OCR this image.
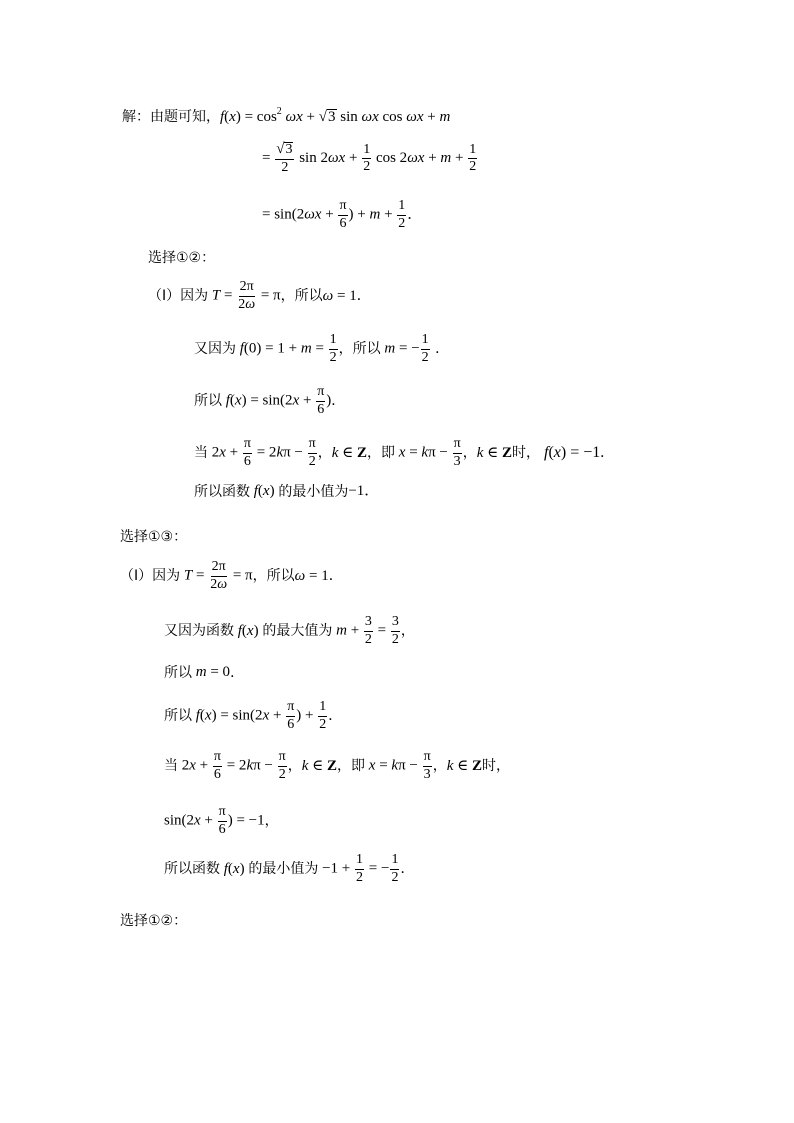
解：由题可知， $f(x) = \cos^2 \omega x$ + √ 3 sin ωx cos ωx + m
= $\frac{√ 3}{2}$ $\sin 2\omega x + \frac{1}{2}$ $\cos 2\omega x + m + \frac{1}{2}$
= $\sin(2\omega x + \frac{\pi}{6}$ ) + $m + \frac{1}{2}$ ．
选择①②：
（Ⅰ） 因为 $T = \frac{2\pi}{2\omega} = \pi$ ， 所以 ω = 1 ．
又因为 $f(0) = 1 + m = \frac{1}{2}$ ， 所以 m = − $\frac{1}{2}$ ．
所以 $f(x) = \sin(2x + \frac{\pi}{6}$ ) ．
当 $2x + \frac{\pi}{6} = 2k\pi - \frac{\pi}{2}$ ， k ∈ Z ， 即 $x = k\pi - \frac{\pi}{3}$ ， k ∈ Z 时， f(x) = −1.
所以函数 f(x) 的最小值为 −1．
选择①③：
（Ⅰ） 因为 $T = \frac{2\pi}{2\omega} = \pi$ ， 所以 ω = 1 ．
又因为函数 f(x) 的最大值为 $m + \frac{3}{2} = \frac{3}{2}$ ，
所以 m = 0 ．
所以 $f(x) = \sin(2x + \frac{\pi}{6}$ ) + $\frac{1}{2}$ ．
当 $2x + \frac{\pi}{6} = 2k\pi - \frac{\pi}{2}$ ， k ∈ Z ， 即 $x = k\pi - \frac{\pi}{3}$ ， k ∈ Z 时，
$\sin(2x + \frac{\pi}{6}$ ) = −1 ，
所以函数 f(x) 的最小值为 $-1 + \frac{1}{2}$ = − $\frac{1}{2}$ ．
选择①②：
